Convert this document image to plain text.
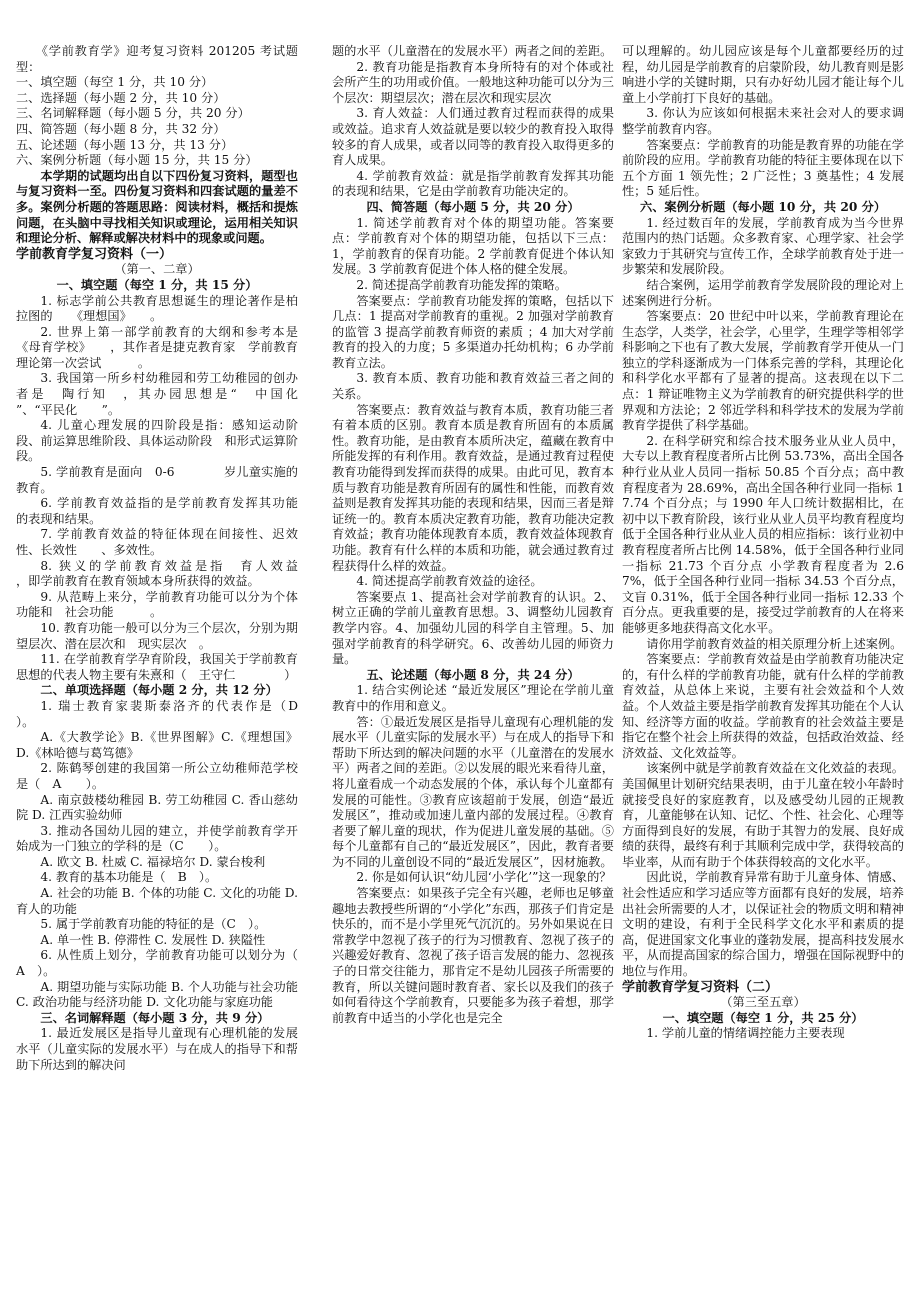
　　《学前教育学》迎考复习资料 201205 考试题型：

一、填空题（每空 1 分，共 10 分）

二、选择题（每小题 2 分，共 10 分）

三、名词解释题（每小题 5 分，共 20 分）

四、简答题（每小题 8 分，共 32 分）

五、论述题（每小题 13 分，共 13 分）

六、案例分析题（每小题 15 分，共 15 分）

本学期的试题均出自以下四份复习资料，题型也与复习资料一至。四份复习资料和四套试题的量差不多。案例分析题的答题思路：阅读材料，概括和提炼问题，在头脑中寻找相关知识或理论，运用相关知识和理论分析、解释或解决材料中的现象或问题。

学前教育学复习资料（一）

（第一、二章）

一、填空题（每空 1 分，共 15 分）

1. 标志学前公共教育思想诞生的理论著作是柏拉图的　　《理想国》　　。

2. 世界上第一部学前教育的大纲和参考本是　《母育学校》　　，其作者是捷克教育家　学前教育理论第一次尝试　　　。

3. 我国第一所乡村幼稚园和劳工幼稚园的创办者是　陶行知　，其办园思想是“　中国化　　”、“平民化　　”。

4. 儿童心理发展的四阶段是指：感知运动阶段、前运算思维阶段、具体运动阶段　和形式运算阶段。

5. 学前教育是面向　0-6　　　　岁儿童实施的教育。

6. 学前教育效益指的是学前教育发挥其功能　　的表现和结果。

7. 学前教育效益的特征体现在间接性、迟效性、长效性　　、多效性。

8. 狭义的学前教育效益是指　育人效益　　　，即学前教育在教育领域本身所获得的效益。

9. 从范畴上来分，学前教育功能可以分为个体功能和　社会功能　　　。

10. 教育功能一般可以分为三个层次，分别为期望层次、潜在层次和　现实层次　。

11. 在学前教育学孕育阶段，我国关于学前教育思想的代表人物主要有朱熹和（　王守仁　　　　）

二、单项选择题（每小题 2 分，共 12 分）

1. 瑞士教育家裴斯泰洛齐的代表作是（D　　）。

A.《大教学论》B.《世界图解》C.《理想国》D.《林哈德与葛笃德》

2. 陈鹤琴创建的我国第一所公立幼稚师范学校是（　A　　）。

A. 南京鼓楼幼稚园 B. 劳工幼稚园 C. 香山慈幼院 D. 江西实验幼师

3. 推动各国幼儿园的建立，并使学前教育学开始成为一门独立的学科的是（C　　）。

A. 欧文 B. 杜威 C. 福禄培尔 D. 蒙台梭利

4. 教育的基本功能是（　B　）。

A. 社会的功能 B. 个体的功能 C. 文化的功能 D. 育人的功能

5. 属于学前教育功能的特征的是（C　）。

A. 单一性 B. 停滞性 C. 发展性 D. 狭隘性

6. 从性质上划分，学前教育功能可以划分为（　A　）。

A. 期望功能与实际功能 B. 个人功能与社会功能　C. 政治功能与经济功能 D. 文化功能与家庭功能

三、名词解释题（每小题 3 分，共 9 分）

1. 最近发展区是指导儿童现有心理机能的发展水平（儿童实际的发展水平）与在成人的指导下和帮助下所达到的解决问

题的水平（儿童潜在的发展水平）两者之间的差距。

2. 教育功能是指教育本身所特有的对个体或社会所产生的功用或价值。一般地这种功能可以分为三个层次：期望层次；潜在层次和现实层次

3. 育人效益：人们通过教育过程而获得的成果或效益。追求育人效益就是要以较少的教育投入取得较多的育人成果，或者以同等的教育投入取得更多的育人成果。

4. 学前教育效益：就是指学前教育发挥其功能的表现和结果，它是由学前教育功能决定的。

四、简答题（每小题 5 分，共 20 分）

1. 简述学前教育对个体的期望功能。答案要点：学前教育对个体的期望功能，包括以下三点：1，学前教育的保育功能。2 学前教育促进个体认知发展。3 学前教育促进个体人格的健全发展。

2. 简述提高学前教育功能发挥的策略。

答案要点：学前教育功能发挥的策略，包括以下几点：1 提高对学前教育的重视。2 加强对学前教育的监管 3 提高学前教育师资的素质 ；4 加大对学前教育的投入的力度；5 多渠道办托幼机构；6 办学前教育立法。

3. 教育本质、教育功能和教育效益三者之间的关系。

答案要点：教育效益与教育本质，教育功能三者有着本质的区别。教育本质是教育所固有的本质属性。教育功能，是由教育本质所决定，蕴藏在教育中所能发挥的有利作用。教育效益，是通过教育过程使教育功能得到发挥而获得的成果。由此可见，教育本质与教育功能是教育所固有的属性和性能，而教育效益则是教育发挥其功能的表现和结果，因而三者是辩证统一的。教育本质决定教育功能，教育功能决定教育效益；教育功能体现教育本质，教育效益体现教育功能。教育有什么样的本质和功能，就会通过教育过程获得什么样的效益。

4. 简述提高学前教育效益的途径。

答案要点 1、提高社会对学前教育的认识。2、树立正确的学前儿童教育思想。3、调整幼儿园教育教学内容。4、加强幼儿园的科学自主管理。5、加强对学前教育的科学研究。6、改善幼儿园的师资力量。

五、论述题（每小题 8 分，共 24 分）

1. 结合实例论述 “最近发展区”理论在学前儿童教育中的作用和意义。

答：①最近发展区是指导儿童现有心理机能的发展水平（儿童实际的发展水平）与在成人的指导下和帮助下所达到的解决问题的水平（儿童潜在的发展水平）两者之间的差距。②以发展的眼光来看待儿童，将儿童看成一个动态发展的个体，承认每个儿童都有发展的可能性。③教育应该超前于发展，创造“最近发展区”，推动或加速儿童内部的发展过程。④教育者要了解儿童的现状，作为促进儿童发展的基础。⑤每个儿童都有自己的“最近发展区”，因此，教育者要为不同的儿童创设不同的“最近发展区”，因材施教。

2. 你是如何认识“幼儿园‘小学化’”这一现象的？

答案要点：如果孩子完全有兴趣，老师也足够童趣地去教授些所谓的“小学化”东西，那孩子们肯定是快乐的，而不是小学里死气沉沉的。另外如果说在日常教学中忽视了孩子的行为习惯教育、忽视了孩子的兴趣爱好教育、忽视了孩子语言发展的能力、忽视孩子的日常交往能力，那肯定不是幼儿园孩子所需要的教育，所以关键问题时教育者、家长以及我们的孩子如何看待这个学前教育，只要能多为孩子着想，那学前教育中适当的小学化也是完全

可以理解的。幼儿园应该是每个儿童都要经历的过程，幼儿园是学前教育的启蒙阶段，幼儿教育则是影响进小学的关键时期，只有办好幼儿园才能让每个儿童上小学前打下良好的基础。

3. 你认为应该如何根据未来社会对人的要求调整学前教育内容。

答案要点：学前教育的功能是教育界的功能在学前阶段的应用。学前教育功能的特征主要体现在以下五个方面 1 领先性；2 广泛性；3 奠基性；4 发展性；5 延后性。

六、案例分析题（每小题 10 分，共 20 分）

1. 经过数百年的发展，学前教育成为当今世界范围内的热门话题。众多教育家、心理学家、社会学家致力于其研究与宣传工作，全球学前教育处于进一步繁荣和发展阶段。

结合案例，运用学前教育学发展阶段的理论对上述案例进行分析。

答案要点：20 世纪中叶以来，学前教育理论在生态学，人类学，社会学，心里学，生理学等相邻学科影响之下也有了教大发展，学前教育学开使从一门独立的学科逐渐成为一门体系完善的学科，其理论化和科学化水平都有了显著的提高。这表现在以下二点：1 辩证唯物主义为学前教育的研究提供科学的世界观和方法论；2 邻近学科和科学技术的发展为学前教育学提供了科学基础。

2. 在科学研究和综合技术服务业从业人员中，大专以上教育程度者所占比例 53.73%，高出全国各种行业从业人员同一指标 50.85 个百分点；高中教育程度者为 28.69%，高出全国各种行业同一指标 17.74 个百分点；与 1990 年人口统计数据相比，在初中以下教育阶段，该行业从业人员平均教育程度均低于全国各种行业从业人员的相应指标：该行业初中教育程度者所占比例 14.58%，低于全国各种行业同一指标 21.73 个百分点 小学教育程度者为 2.67%，低于全国各种行业同一指标 34.53 个百分点，文盲 0.31%，低于全国各种行业同一指标 12.33 个百分点。更我重要的是，接受过学前教育的人在将来能够更多地获得高文化水平。

请你用学前教育效益的相关原理分析上述案例。

答案要点：学前教育效益是由学前教育功能决定的，有什么样的学前教育功能，就有什么样的学前教育效益，从总体上来说，主要有社会效益和个人效益。个人效益主要是指学前教育发挥其功能在个人认知、经济等方面的收益。学前教育的社会效益主要是指它在整个社会上所获得的效益，包括政治效益、经济效益、文化效益等。

该案例中就是学前教育效益在文化效益的表现。美国佩里计划研究结果表明，由于儿童在较小年龄时就接受良好的家庭教育，以及感受幼儿园的正规教育，儿童能够在认知、记忆、个性、社会化、心理等方面得到良好的发展，有助于其智力的发展、良好成绩的获得，最终有利于其顺利完成中学，获得较高的毕业率，从而有助于个体获得较高的文化水平。

因此说，学前教育异常有助于儿童身体、情感、社会性适应和学习适应等方面都有良好的发展，培养出社会所需要的人才，以保证社会的物质文明和精神文明的建设，有利于全民科学文化水平和素质的提高，促进国家文化事业的蓬勃发展，提高科技发展水平，从而提高国家的综合国力，增强在国际视野中的地位与作用。

学前教育学复习资料（二）

（第三至五章）

一、填空题（每空 1 分，共 25 分）

1. 学前儿童的情绪调控能力主要表现
